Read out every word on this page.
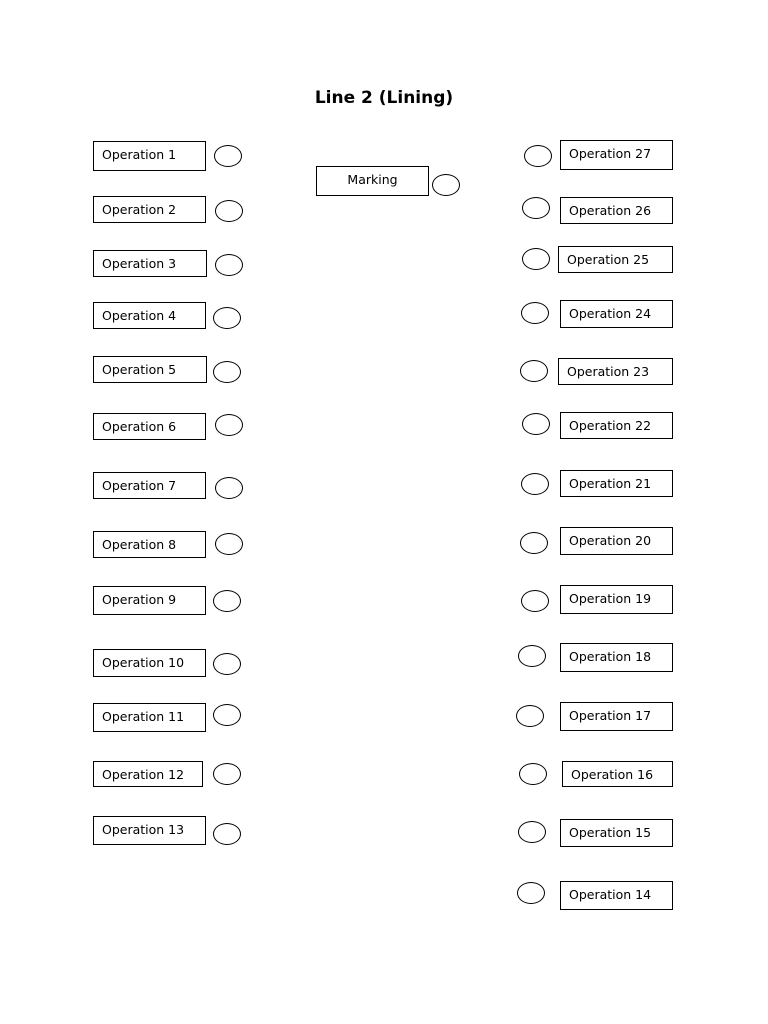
Line 2 (Lining)
Marking
Operation 1
Operation 2
Operation 3
Operation 4
Operation 5
Operation 6
Operation 7
Operation 8
Operation 9
Operation 10
Operation 11
Operation 12
Operation 13
Operation 27
Operation 26
Operation 25
Operation 24
Operation 23
Operation 22
Operation 21
Operation 20
Operation 19
Operation 18
Operation 17
Operation 16
Operation 15
Operation 14
